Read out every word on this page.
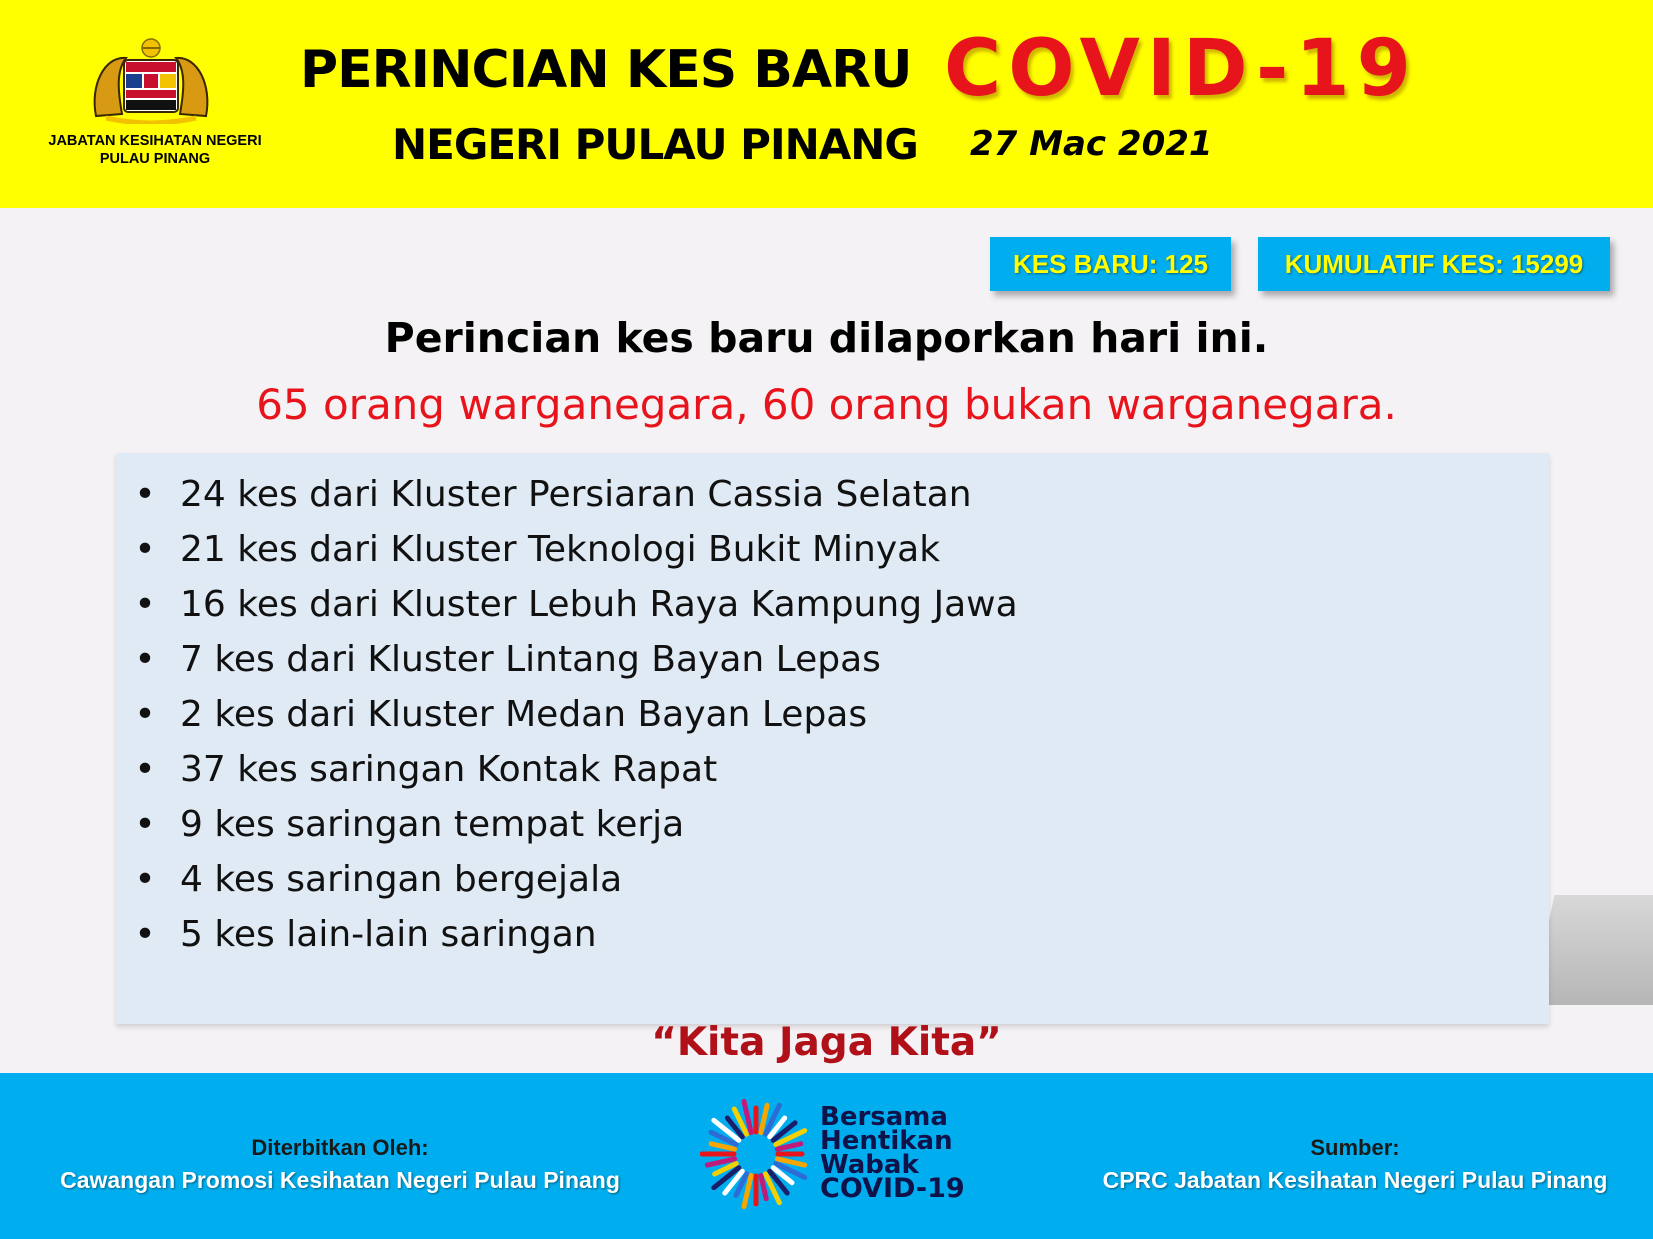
JABATAN KESIHATAN NEGERI
PULAU PINANG
PERINCIAN KES BARU COVID-19
NEGERI PULAU PINANG 27 Mac 2021
KES BARU: 125	KUMULATIF KES: 15299
Perincian kes baru dilaporkan hari ini.
65 orang warganegara, 60 orang bukan warganegara.
• 24 kes dari Kluster Persiaran Cassia Selatan
• 21 kes dari Kluster Teknologi Bukit Minyak
• 16 kes dari Kluster Lebuh Raya Kampung Jawa
• 7 kes dari Kluster Lintang Bayan Lepas
• 2 kes dari Kluster Medan Bayan Lepas
• 37 kes saringan Kontak Rapat
• 9 kes saringan tempat kerja
• 4 kes saringan bergejala
• 5 kes lain-lain saringan
“Kita Jaga Kita”
Diterbitkan Oleh:
Cawangan Promosi Kesihatan Negeri Pulau Pinang
Bersama
Hentikan
Wabak
COVID-19
Sumber:
CPRC Jabatan Kesihatan Negeri Pulau Pinang
